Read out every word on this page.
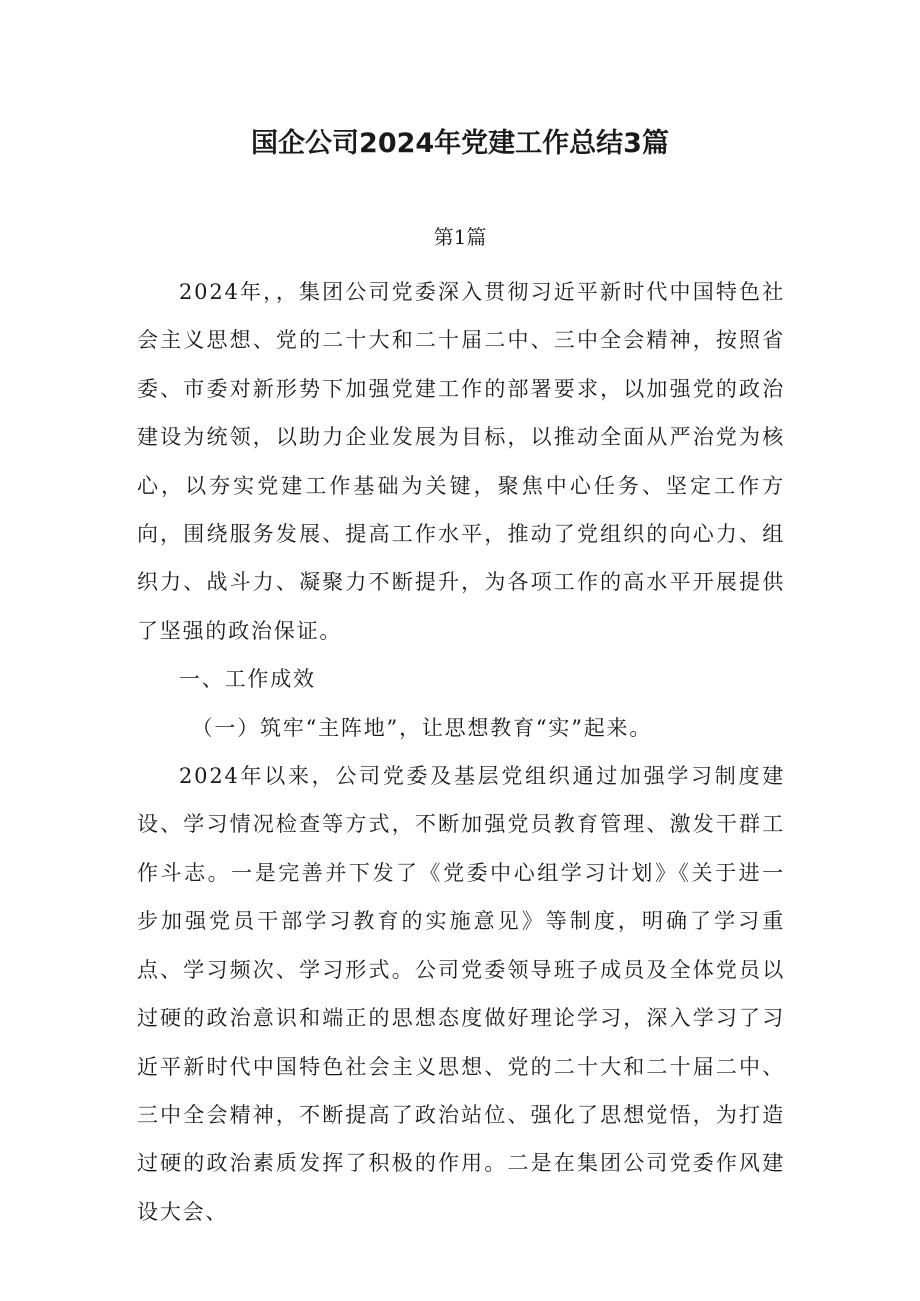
国企公司2024年党建工作总结3篇
第1篇

2024年，，集团公司党委深入贯彻习近平新时代中国特色社会主义思想、党的二十大和二十届二中、三中全会精神，按照省委、市委对新形势下加强党建工作的部署要求，以加强党的政治建设为统领，以助力企业发展为目标，以推动全面从严治党为核心，以夯实党建工作基础为关键，聚焦中心任务、坚定工作方向，围绕服务发展、提高工作水平，推动了党组织的向心力、组织力、战斗力、凝聚力不断提升，为各项工作的高水平开展提供了坚强的政治保证。

一、工作成效

（一）筑牢“主阵地”，让思想教育“实”起来。

2024年以来，公司党委及基层党组织通过加强学习制度建设、学习情况检查等方式，不断加强党员教育管理、激发干群工作斗志。一是完善并下发了《党委中心组学习计划》《关于进一步加强党员干部学习教育的实施意见》等制度，明确了学习重点、学习频次、学习形式。公司党委领导班子成员及全体党员以过硬的政治意识和端正的思想态度做好理论学习，深入学习了习近平新时代中国特色社会主义思想、党的二十大和二十届二中、三中全会精神，不断提高了政治站位、强化了思想觉悟，为打造过硬的政治素质发挥了积极的作用。二是在集团公司党委作风建设大会、
